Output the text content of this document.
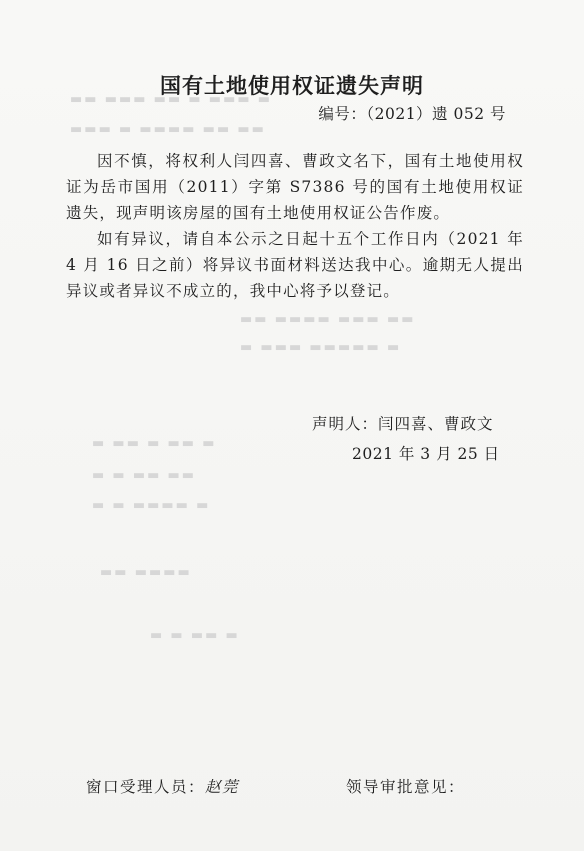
▬▬ ▬▬▬ ▬▬ ▬ ▬▬▬ ▬
▬▬▬ ▬ ▬▬▬▬ ▬▬ ▬▬
▬▬ ▬▬▬▬ ▬▬▬ ▬▬
▬ ▬▬▬ ▬▬▬▬▬ ▬
▬ ▬▬ ▬ ▬▬ ▬
▬ ▬ ▬▬ ▬▬
▬ ▬ ▬▬▬▬ ▬
▬▬ ▬▬▬▬
▬ ▬ ▬▬ ▬
国有土地使用权证遗失声明
编号：（2021）遗 052 号
因不慎，将权利人闫四喜、曹政文名下，国有土地使用权证为岳市国用（2011）字第 S7386 号的国有土地使用权证遗失，现声明该房屋的国有土地使用权证公告作废。
如有异议，请自本公示之日起十五个工作日内（2021 年 4 月 16 日之前）将异议书面材料送达我中心。逾期无人提出异议或者异议不成立的，我中心将予以登记。
声明人：闫四喜、曹政文
2021 年 3 月 25 日
窗口受理人员：赵莞	领导审批意见：
